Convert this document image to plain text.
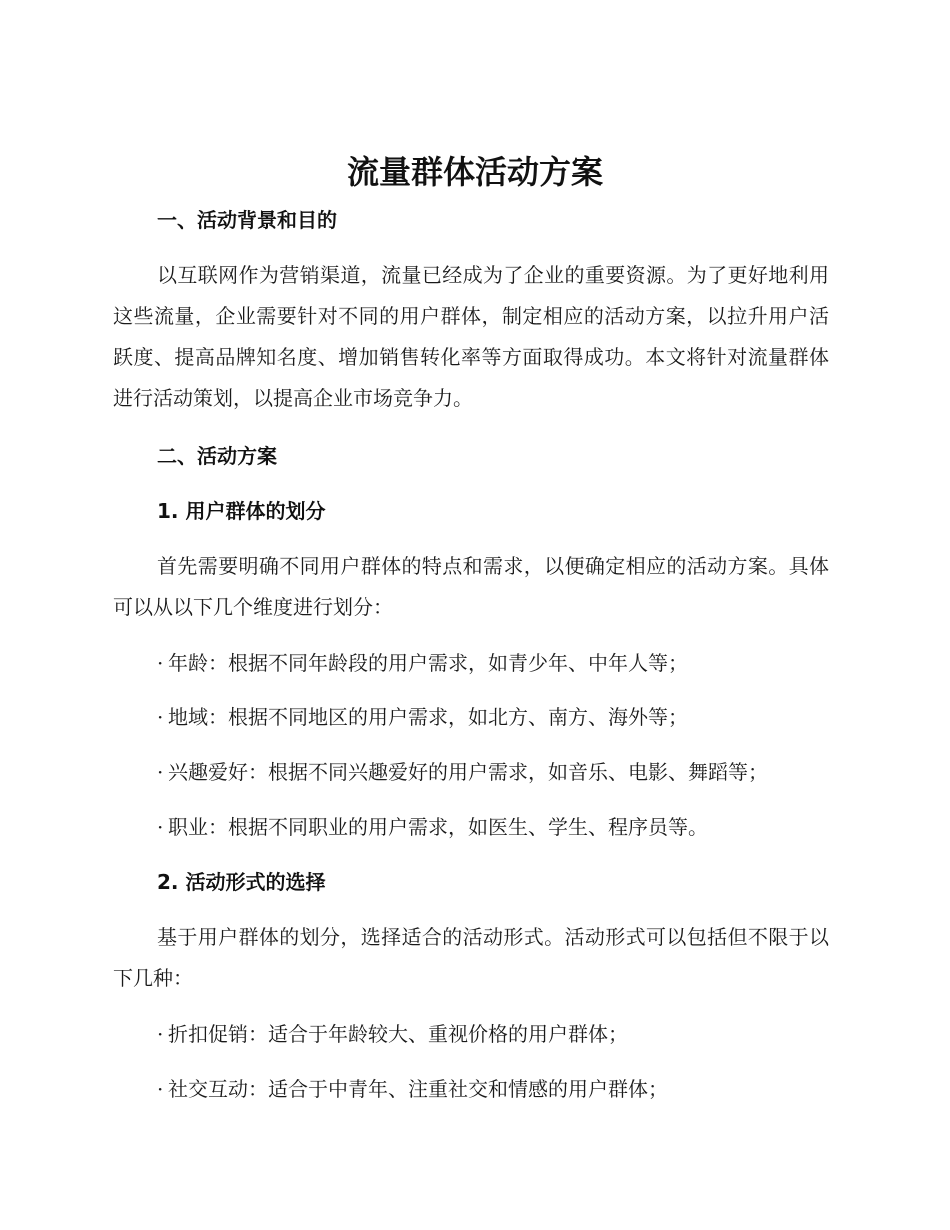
流量群体活动方案
一、活动背景和目的
以互联网作为营销渠道，流量已经成为了企业的重要资源。为了更好地利用这些流量，企业需要针对不同的用户群体，制定相应的活动方案，以拉升用户活跃度、提高品牌知名度、增加销售转化率等方面取得成功。本文将针对流量群体进行活动策划，以提高企业市场竞争力。
二、活动方案
1. 用户群体的划分
首先需要明确不同用户群体的特点和需求，以便确定相应的活动方案。具体可以从以下几个维度进行划分：
· 年龄：根据不同年龄段的用户需求，如青少年、中年人等；
· 地域：根据不同地区的用户需求，如北方、南方、海外等；
· 兴趣爱好：根据不同兴趣爱好的用户需求，如音乐、电影、舞蹈等；
· 职业：根据不同职业的用户需求，如医生、学生、程序员等。
2. 活动形式的选择
基于用户群体的划分，选择适合的活动形式。活动形式可以包括但不限于以下几种：
· 折扣促销：适合于年龄较大、重视价格的用户群体；
· 社交互动：适合于中青年、注重社交和情感的用户群体；
